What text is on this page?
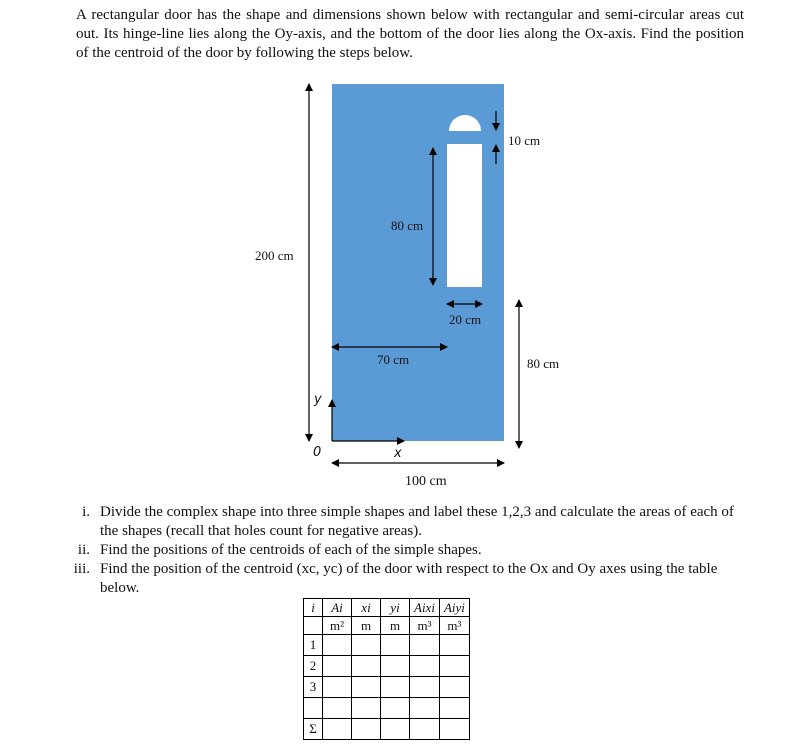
A rectangular door has the shape and dimensions shown below with rectangular and semi-circular areas cut out. Its hinge-line lies along the Oy-axis, and the bottom of the door lies along the Ox-axis. Find the position of the centroid of the door by following the steps below.
200 cm
80 cm
10 cm
20 cm
70 cm	80 cm
100 cm
y
x
0
i. Divide the complex shape into three simple shapes and label these 1,2,3 and calculate the areas of each of the shapes (recall that holes count for negative areas).
ii. Find the positions of the centroids of each of the simple shapes.
iii. Find the position of the centroid (xc, yc) of the door with respect to the Ox and Oy axes using the table below.
i	Ai	xi	yi	Aixi	Aiyi
	m²	m	m	m³	m³
1					
2					
3					

Σ					
